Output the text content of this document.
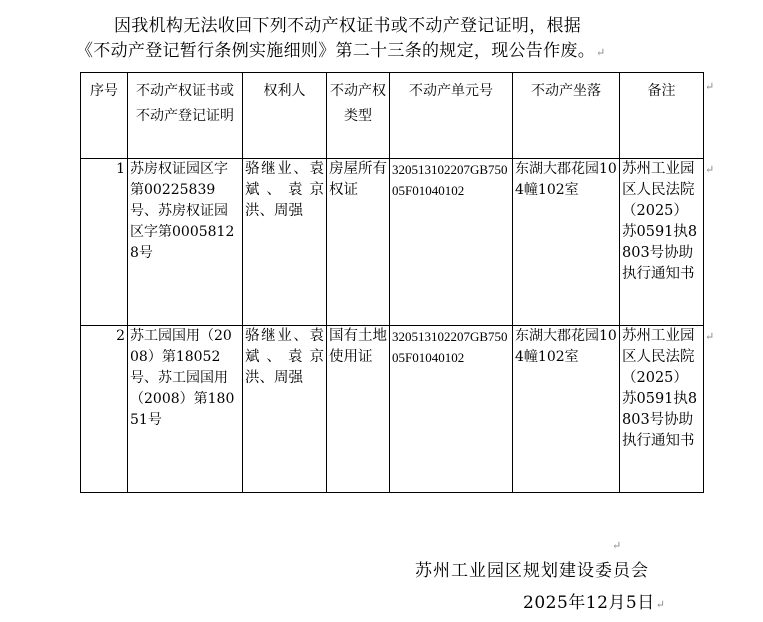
因我机构无法收回下列不动产权证书或不动产登记证明，根据
《不动产登记暂行条例实施细则》第二十三条的规定，现公告作废。↵
序号	不动产权证书或不动产登记证明	权利人	不动产权类型	不动产单元号	不动产坐落	备注
1	苏房权证园区字第00225839号、苏房权证园区字第00058128号	骆继业、袁斌、袁京洪、周强	房屋所有权证	320513102207GB75005F01040102	东湖大郡花园104幢102室	苏州工业园区人民法院（2025）苏0591执8803号协助执行通知书
2	苏工园国用（2008）第18052号、苏工园国用（2008）第18051号	骆继业、袁斌、袁京洪、周强	国有土地使用证	320513102207GB75005F01040102	东湖大郡花园104幢102室	苏州工业园区人民法院（2025）苏0591执8803号协助执行通知书
↵
↵
↵
↵
苏州工业园区规划建设委员会
2025年12月5日↵
